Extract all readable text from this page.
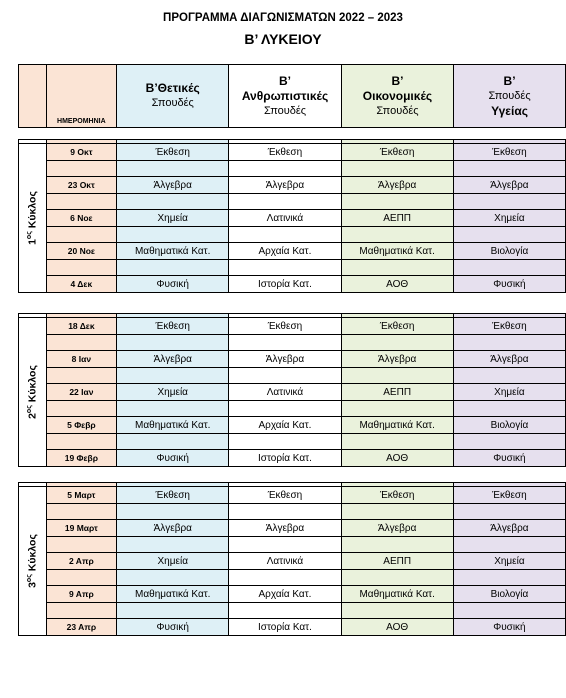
ΠΡΟΓΡΑΜΜΑ ΔΙΑΓΩΝΙΣΜΑΤΩΝ 2022 – 2023
Β’ ΛΥΚΕΙΟΥ
	ΗΜΕΡΟΜΗΝΙΑ	
Β’Θετικές
Σπουδές

Β’
Ανθρωπιστικές
Σπουδές

Β’
Οικονομικές
Σπουδές

Β’
Σπουδές
Υγείας

$1^{o\varsigma}$ Κύκλος	9 Οκτ	Έκθεση	Έκθεση	Έκθεση	Έκθεση

	23 Οκτ	Άλγεβρα	Άλγεβρα	Άλγεβρα	Άλγεβρα

	6 Νοε	Χημεία	Λατινικά	ΑΕΠΠ	Χημεία

	20 Νοε	Μαθηματικά Κατ.	Αρχαία Κατ.	Μαθηματικά Κατ.	Βιολογία

	4 Δεκ	Φυσική	Ιστορία Κατ.	ΑΟΘ	Φυσική

$2^{o\varsigma}$ Κύκλος	18 Δεκ	Έκθεση	Έκθεση	Έκθεση	Έκθεση

	8 Ιαν	Άλγεβρα	Άλγεβρα	Άλγεβρα	Άλγεβρα

	22 Ιαν	Χημεία	Λατινικά	ΑΕΠΠ	Χημεία

	5 Φεβρ	Μαθηματικά Κατ.	Αρχαία Κατ.	Μαθηματικά Κατ.	Βιολογία

	19 Φεβρ	Φυσική	Ιστορία Κατ.	ΑΟΘ	Φυσική

$3^{o\varsigma}$ Κύκλος	5 Μαρτ	Έκθεση	Έκθεση	Έκθεση	Έκθεση

	19 Μαρτ	Άλγεβρα	Άλγεβρα	Άλγεβρα	Άλγεβρα

	2 Απρ	Χημεία	Λατινικά	ΑΕΠΠ	Χημεία

	9 Απρ	Μαθηματικά Κατ.	Αρχαία Κατ.	Μαθηματικά Κατ.	Βιολογία

	23 Απρ	Φυσική	Ιστορία Κατ.	ΑΟΘ	Φυσική
